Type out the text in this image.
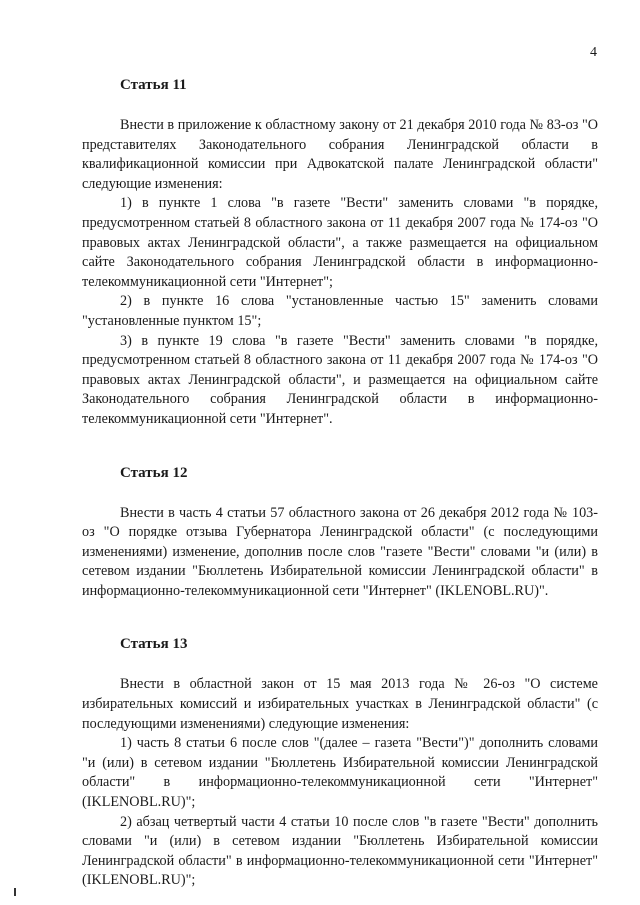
4
Статья 11

Внести в приложение к областному закону от 21 декабря 2010 года № 83-оз "О представителях Законодательного собрания Ленинградской области в квалификационной комиссии при Адвокатской палате Ленинградской области" следующие изменения:

1) в пункте 1 слова "в газете "Вести" заменить словами "в порядке, предусмотренном статьей 8 областного закона от 11 декабря 2007 года № 174-оз "О правовых актах Ленинградской области", а также размещается на официальном сайте Законодательного собрания Ленинградской области в информационно-телекоммуникационной сети "Интернет";

2) в пункте 16 слова "установленные частью 15" заменить словами "установленные пунктом 15";

3) в пункте 19 слова "в газете "Вести" заменить словами "в порядке, предусмотренном статьей 8 областного закона от 11 декабря 2007 года № 174-оз "О правовых актах Ленинградской области", и размещается на официальном сайте Законодательного собрания Ленинградской области в информационно-телекоммуникационной сети "Интернет".

Статья 12

Внести в часть 4 статьи 57 областного закона от 26 декабря 2012 года № 103-оз "О порядке отзыва Губернатора Ленинградской области" (с последующими изменениями) изменение, дополнив после слов "газете "Вести" словами "и (или) в сетевом издании "Бюллетень Избирательной комиссии Ленинградской области" в информационно-телекоммуникационной сети "Интернет" (IKLENOBL.RU)".

Статья 13

Внести в областной закон от 15 мая 2013 года № 26-оз "О системе избирательных комиссий и избирательных участках в Ленинградской области" (с последующими изменениями) следующие изменения:

1) часть 8 статьи 6 после слов "(далее – газета "Вести")" дополнить словами "и (или) в сетевом издании "Бюллетень Избирательной комиссии Ленинградской области" в информационно-телекоммуникационной сети "Интернет" (IKLENOBL.RU)";

2) абзац четвертый части 4 статьи 10 после слов "в газете "Вести" дополнить словами "и (или) в сетевом издании "Бюллетень Избирательной комиссии Ленинградской области" в информационно-телекоммуникационной сети "Интернет" (IKLENOBL.RU)";
